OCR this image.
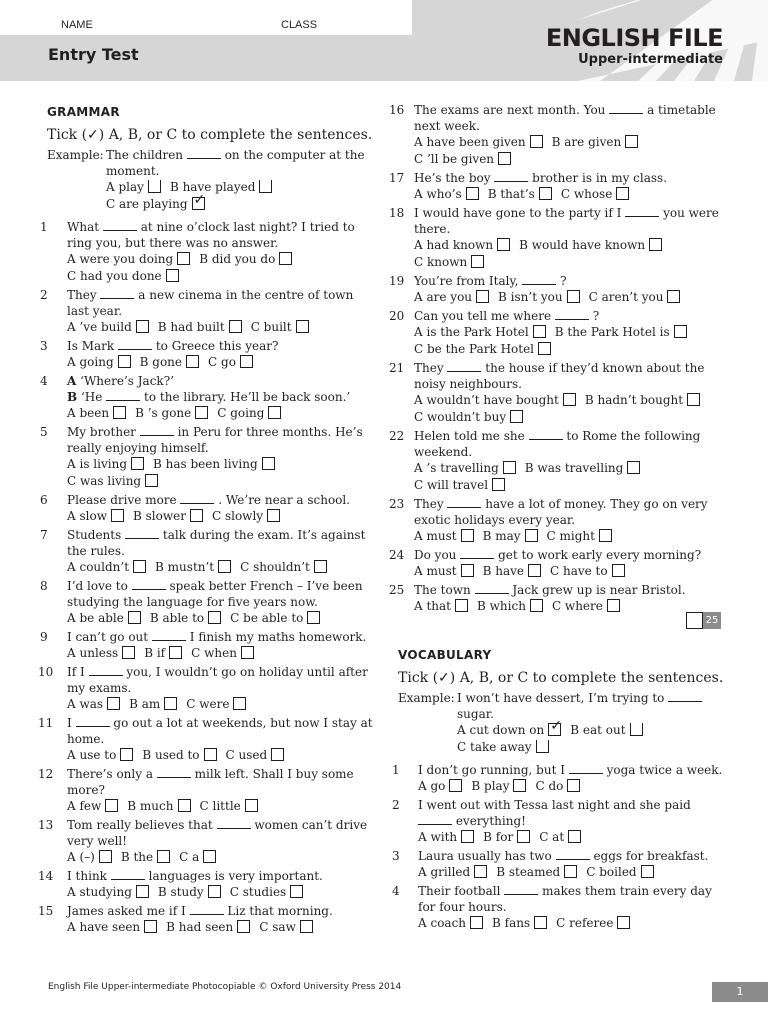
NAME	CLASS
Entry Test
ENGLISH FILE
Upper-intermediate
GRAMMAR
Tick (✓) A, B, or C to complete the sentences.
Example: The children	on the computer at the moment.
A play B have played
C are playing ✓
1	What	at nine o’clock last night? I tried to ring you, but there was no answer.
A were you doing B did you do
C had you done
2	They	a new cinema in the centre of town last year.
A ’ve build B had built C built
3	Is Mark	to Greece this year?
A going B gone C go
4	A ‘Where’s Jack?’
B ‘He	to the library. He’ll be back soon.’
A been B ’s gone C going
5	My brother	in Peru for three months. He’s really enjoying himself.
A is living B has been living
C was living
6	Please drive more	. We’re near a school.
A slow B slower C slowly
7	Students	talk during the exam. It’s against the rules.
A couldn’t B mustn’t C shouldn’t
8	I’d love to	speak better French – I’ve been studying the language for five years now.
A be able B able to C be able to
9	I can’t go out	I finish my maths homework.
A unless B if C when
10	If I	you, I wouldn’t go on holiday until after my exams.
A was B am C were
11	I	go out a lot at weekends, but now I stay at home.
A use to B used to C used
12	There’s only a	milk left. Shall I buy some more?
A few B much C little
13	Tom really believes that	women can’t drive very well!
A (–) B the C a
14	I think	languages is very important.
A studying B study C studies
15	James asked me if I	Liz that morning.
A have seen B had seen C saw
16 The exams are next month. You	a timetable next week.
A have been given B are given
C ’ll be given
17 He’s the boy	brother is in my class.
A who’s B that’s C whose
18 I would have gone to the party if I	you were there.
A had known B would have known
C known
19 You’re from Italy,	?
A are you B isn’t you C aren’t you
20 Can you tell me where	?
A is the Park Hotel B the Park Hotel is
C be the Park Hotel
21 They	the house if they’d known about the noisy neighbours.
A wouldn’t have bought B hadn’t bought
C wouldn’t buy
22 Helen told me she	to Rome the following weekend.
A ’s travelling B was travelling
C will travel
23 They	have a lot of money. They go on very exotic holidays every year.
A must B may C might
24 Do you	get to work early every morning?
A must B have C have to
25 The town	Jack grew up is near Bristol.
A that B which C where
25
VOCABULARY
Tick (✓) A, B, or C to complete the sentences.
Example: I won’t have dessert, I’m trying to  sugar.
A cut down on ✓ B eat out
C take away
1	I don’t go running, but I	yoga twice a week.
A go B play C do
2	I went out with Tessa last night and she paid  everything!
A with B for C at
3	Laura usually has two	eggs for breakfast.
A grilled B steamed C boiled
4	Their football	makes them train every day for four hours.
A coach B fans C referee
English File Upper-intermediate Photocopiable © Oxford University Press 2014	1
